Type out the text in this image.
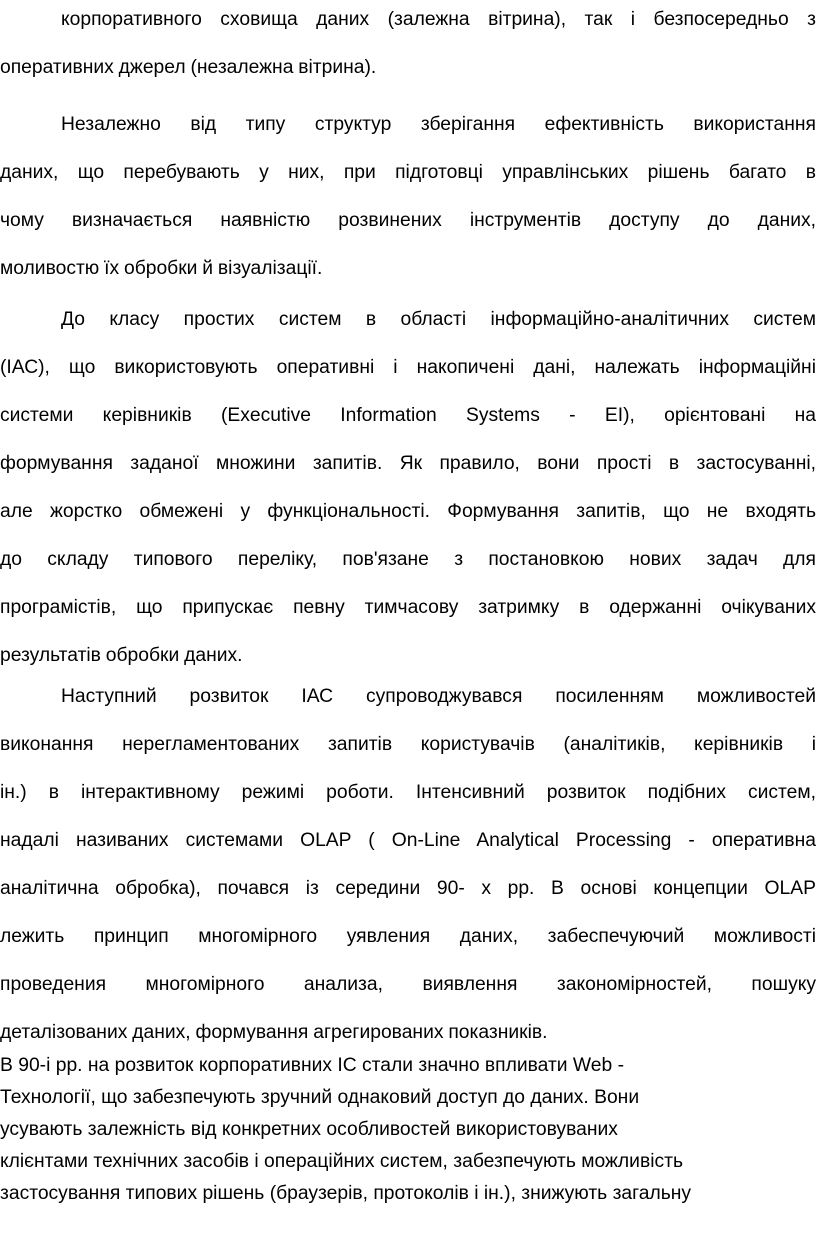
корпоративного сховища даних (залежна вітрина), так і безпосередньо з
оперативних джерел (незалежна вітрина).
Незалежно від типу структур зберігання ефективність використання
даних, що перебувають у них, при підготовці управлінських рішень багато в
чому визначається наявністю розвинених інструментів доступу до даних,
моливостю їх обробки й візуалізації.
До класу простих систем в області інформаційно-аналітичних систем
(ІАС), що використовують оперативні і накопичені дані, належать інформаційні
системи керівників (Executive Information Systems - EI), орієнтовані на
формування заданої множини запитів. Як правило, вони прості в застосуванні,
але жорстко обмежені у функціональності. Формування запитів, що не входять
до складу типового переліку, пов'язане з постановкою нових задач для
програмістів, що припускає певну тимчасову затримку в одержанні очікуваних
результатів обробки даних.
Наступний розвиток ІАС супроводжувався посиленням можливостей
виконання нерегламентованих запитів користувачів (аналітиків, керівників і
ін.) в інтерактивному режимі роботи. Інтенсивний розвиток подібних систем,
надалі називаних системами OLAP ( On-Line Analytical Processing - оперативна
аналітична обробка), почався із середини 90- х рр. В основі концепции OLAP
лежить принцип многомірного уявления даних, забеспечуючий можливості
проведения многомірного анализа, виявлення закономірностей, пошуку
деталізованих даних, формування агрегированих показників.
В 90-і рр. на розвиток корпоративних ІС стали значно впливати Web -
Технології, що забезпечують зручний однаковий доступ до даних. Вони
усувають залежність від конкретних особливостей використовуваних
клієнтами технічних засобів і операційних систем, забезпечують можливість
застосування типових рішень (браузерів, протоколів і ін.), знижують загальну
